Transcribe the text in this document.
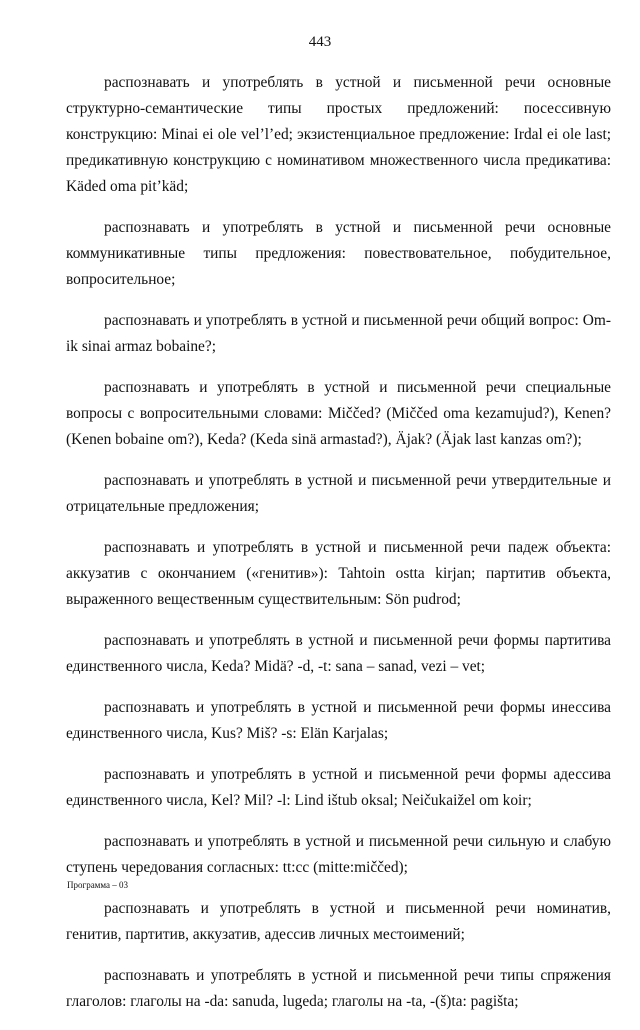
443

распознавать и употреблять в устной и письменной речи основные структурно-семантические типы простых предложений: посессивную конструкцию: Minai ei ole vel’l’ed; экзистенциальное предложение: Irdal ei ole last; предикативную конструкцию с номинативом множественного числа предикатива: Käded oma pit’käd;

распознавать и употреблять в устной и письменной речи основные коммуникативные типы предложения: повествовательное, побудительное, вопросительное;

распознавать и употреблять в устной и письменной речи общий вопрос: Om-ik sinai armaz bobaine?;

распознавать и употреблять в устной и письменной речи специальные вопросы с вопросительными словами: Miččed? (Miččed oma kezamujud?), Kenen? (Kenen bobaine om?), Keda? (Keda sinä armastad?), Äjak? (Äjak last kanzas om?);

распознавать и употреблять в устной и письменной речи утвердительные и отрицательные предложения;

распознавать и употреблять в устной и письменной речи падеж объекта: аккузатив с окончанием («генитив»): Tahtoin ostta kirjan; партитив объекта, выраженного вещественным существительным: Sön pudrod;

распознавать и употреблять в устной и письменной речи формы партитива единственного числа, Keda? Midä? -d, -t: sana – sanad, vezi – vet;

распознавать и употреблять в устной и письменной речи формы инессива единственного числа, Kus? Miš? -s: Elän Karjalas;

распознавать и употреблять в устной и письменной речи формы адессива единственного числа, Kel? Mil? -l: Lind ištub oksal; Neičukaižel om koir;

распознавать и употреблять в устной и письменной речи сильную и слабую ступень чередования согласных: tt:cc (mitte:miččed);

распознавать и употреблять в устной и письменной речи номинатив, генитив, партитив, аккузатив, адессив личных местоимений;

распознавать и употреблять в устной и письменной речи типы спряжения глаголов: глаголы на -da: sanuda, lugeda; глаголы на -ta, -(š)ta: pagišta;

Программа – 03
